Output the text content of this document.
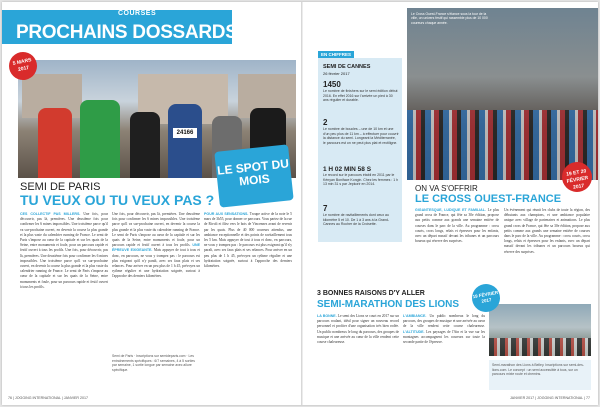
COURSES
PROCHAINS DOSSARDS
24166
5 MARS 2017
LE SPOT DU MOIS
SEMI DE PARIS
TU VEUX OU TU VEUX PAS ?
CES COLLECTIF PAS MILLERS. Une fois, pour découvrir, pas là, premières. Une deuxième fois pour confirmer les 6 mines impossibles. Une troisième parce qu'il va sur-prochaine ouvert, en devenir la course la plus grande et la plus vaste du calendrier running de France. Le semi de Paris s'impose au cœur de la capitale et sur les quais de la Seine, entre monuments et foule, pour un parcours rapide et festif ouvert à tous les profils. Une fois, pour découvrir, pas là, premières. Une deuxième fois pour confirmer les 6 mines impossibles. Une troisième parce qu'il va sur-prochaine ouvert, en devenir la course la plus grande et la plus vaste du calendrier running de France. Le semi de Paris s'impose au cœur de la capitale et sur les quais de la Seine, entre monuments et foule, pour un parcours rapide et festif ouvert à tous les profils.
Une fois, pour découvrir, pas là, premières. Une deuxième fois pour confirmer les 6 mines impossibles. Une troisième parce qu'il va sur-prochaine ouvert, en devenir la course la plus grande et la plus vaste du calendrier running de France. Le semi de Paris s'impose au cœur de la capitale et sur les quais de la Seine, entre monuments et foule, pour un parcours rapide et festif ouvert à tous les profils. UNE ÉPREUVE EXIGEANTE. Mais appuyer de tout à tous et donc, en parcours, ne vous y trompez pas : le parcours est plus exigeant qu'il n'y paraît, avec ses faux plats et ses relances. Pour arriver en un peu plus de 1 h 45, prévoyez un rythme régulier et une hydratation soignée, surtout à l'approche des derniers kilomètres.
Semi de Paris · Inscriptions sur semideparis.com · Les entraînements spécifiques : 6/7 semaines, 4 à 5 sorties par semaine, 1 sortie longue par semaine avec allure spécifique.
POUR AUX SENSATIONS. Troupe active de la note le 5 mars de 3h55, pour donner ce parcours. Vous partez de la rue de Rivoli et filez vers le bois de Vincennes avant de revenir par les quais. Plus de 40 000 coureurs attendus, une ambiance exceptionnelle et des points de ravitaillement tous les 5 km. Mais appuyer de tout à tous et donc, en parcours, ne vous y trompez pas : le parcours est plus exigeant qu'il n'y paraît, avec ses faux plats et ses relances. Pour arriver en un peu plus de 1 h 45, prévoyez un rythme régulier et une hydratation soignée, surtout à l'approche des derniers kilomètres.
76 | JOGGING INTERNATIONAL | JANVIER 2017
EN CHIFFRES
SEMI DE CANNES
26 février 2017
1450
Le nombre de finishers sur le semi édition début 2016. En effet 2016 sur l'arrivée un pied à 30 ans régulier et durable.
2
Le nombre de boucles – une de 10 km et une d'un peu plus de 11 km – à effectuer pour couvrir la distance du semi. Longeant la Méditerranée, le parcours est on ne peut plus plat et rectiligne.
1 H 02 MIN 58 S
Le record sur le parcours établi en 2011 par le Kényan Boniface Kongin. Chez les femmes : 1 h 13 min 31 s par Jepkorir en 2014.
7
Le nombre de ravitaillements dont ceux au kilomètre 5 et 10. De 1 à 3 ans à la Grand-Cannes au Rocher de la Croisette.
Le Cross Ouest-France s'élance sous la tour de la ville, un univers festif qui rassemble plus de 10 000 coureurs chaque année.
19 ET 20 FÉVRIER 2017
ON VA S'OFFRIR
LE CROSS OUEST-FRANCE
GIGANTESQUE, LUDIQUE ET FAMILIAL. Le plus grand cross de France, qui fête sa 30e édition, propose aux petits comme aux grands une semaine entière de courses dans le parc de la ville. Au programme : cross courts, cross longs, relais et épreuves pour les enfants, avec un départ massif devant les tribunes et un parcours boueux qui réserve des surprises.
Un évènement qui réunit les clubs de toute la région, des débutants aux champions, et une ambiance populaire unique avec village de partenaires et animations. Le plus grand cross de France, qui fête sa 30e édition, propose aux petits comme aux grands une semaine entière de courses dans le parc de la ville. Au programme : cross courts, cross longs, relais et épreuves pour les enfants, avec un départ massif devant les tribunes et un parcours boueux qui réserve des surprises.
3 BONNES RAISONS D'Y ALLER
SEMI-MARATHON DES LIONS
LA BONNE. Le semi des Lions se court en 2017 sur un parcours roulant, idéal pour signer un nouveau record personnel et profiter d'une organisation très bien rodée. Un public nombreux le long du parcours, des groupes de musique et une arrivée au cœur de la ville rendent cette course chaleureuse.
L'AMBIANCE. Un public nombreux le long du parcours, des groupes de musique et une arrivée au cœur de la ville rendent cette course chaleureuse. L'ALTITUDE. Les paysages de l'Ain et la vue sur les montagnes accompagnent les coureurs sur toute la seconde partie de l'épreuve.
19 FÉVRIER 2017
Semi-marathon des Lions à Belley. Inscriptions sur semi-des-lions.com. Le concept : un semi accessible à tous, sur un parcours mixte route et chemins.
JANVIER 2017 | JOGGING INTERNATIONAL | 77
